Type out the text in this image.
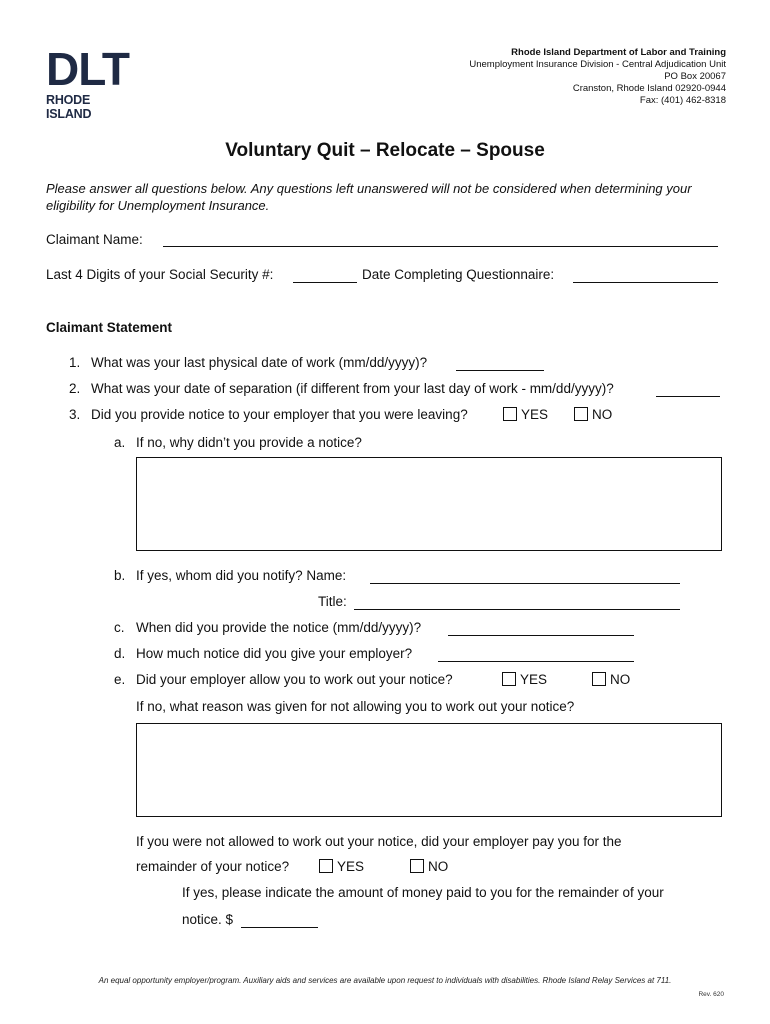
DLT
RHODE ISLAND
Rhode Island Department of Labor and Training
Unemployment Insurance Division - Central Adjudication Unit
PO Box 20067
Cranston, Rhode Island 02920-0944
Fax: (401) 462-8318
Voluntary Quit – Relocate – Spouse
Please answer all questions below. Any questions left unanswered will not be considered when determining your eligibility for Unemployment Insurance.
Claimant Name:
Last 4 Digits of your Social Security #:	Date Completing Questionnaire:
Claimant Statement
1. What was your last physical date of work (mm/dd/yyyy)?
2. What was your date of separation (if different from your last day of work - mm/dd/yyyy)?
3. Did you provide notice to your employer that you were leaving?	YES	NO
a. If no, why didn’t you provide a notice?
b. If yes, whom did you notify? Name:
Title:
c. When did you provide the notice (mm/dd/yyyy)?
d. How much notice did you give your employer?
e. Did your employer allow you to work out your notice?	YES	NO
If no, what reason was given for not allowing you to work out your notice?
If you were not allowed to work out your notice, did your employer pay you for the
remainder of your notice?	YES	NO
If yes, please indicate the amount of money paid to you for the remainder of your
notice. $
An equal opportunity employer/program. Auxiliary aids and services are available upon request to individuals with disabilities. Rhode Island Relay Services at 711.
Rev. 620
